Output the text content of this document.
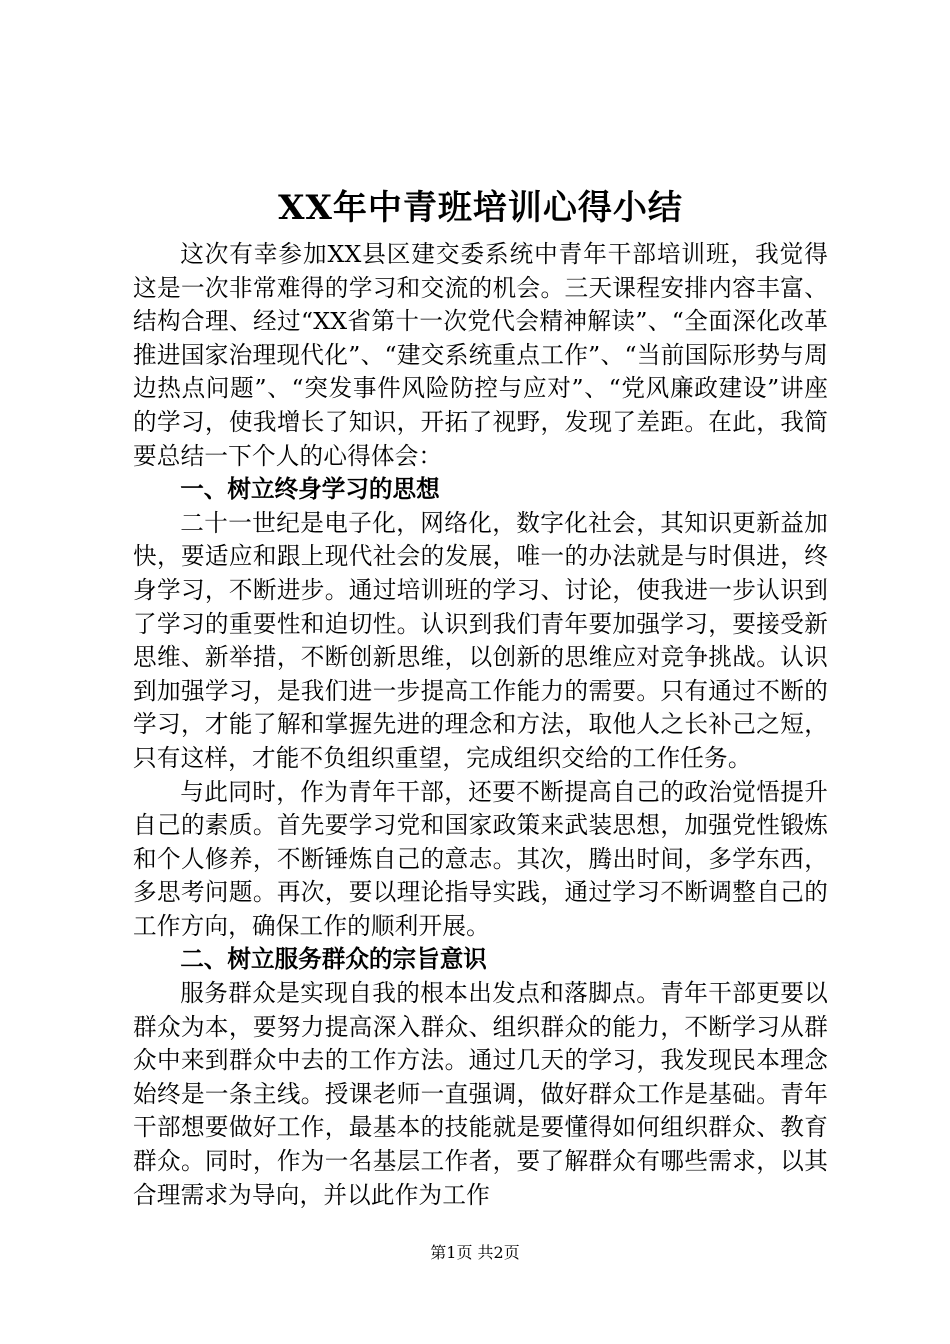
XX年中青班培训心得小结

这次有幸参加XX县区建交委系统中青年干部培训班，我觉得这是一次非常难得的学习和交流的机会。三天课程安排内容丰富、结构合理、经过“XX省第十一次党代会精神解读”、“全面深化改革推进国家治理现代化”、“建交系统重点工作”、“当前国际形势与周边热点问题”、“突发事件风险防控与应对”、“党风廉政建设”讲座的学习，使我增长了知识，开拓了视野，发现了差距。在此，我简要总结一下个人的心得体会：

一、树立终身学习的思想

二十一世纪是电子化，网络化，数字化社会，其知识更新益加快，要适应和跟上现代社会的发展，唯一的办法就是与时俱进，终身学习，不断进步。通过培训班的学习、讨论，使我进一步认识到了学习的重要性和迫切性。认识到我们青年要加强学习，要接受新思维、新举措，不断创新思维，以创新的思维应对竞争挑战。认识到加强学习，是我们进一步提高工作能力的需要。只有通过不断的学习，才能了解和掌握先进的理念和方法，取他人之长补己之短，只有这样，才能不负组织重望，完成组织交给的工作任务。

与此同时，作为青年干部，还要不断提高自己的政治觉悟提升自己的素质。首先要学习党和国家政策来武装思想，加强党性锻炼和个人修养，不断锤炼自己的意志。其次，腾出时间，多学东西，多思考问题。再次，要以理论指导实践，通过学习不断调整自己的工作方向，确保工作的顺利开展。

二、树立服务群众的宗旨意识

服务群众是实现自我的根本出发点和落脚点。青年干部更要以群众为本，要努力提高深入群众、组织群众的能力，不断学习从群众中来到群众中去的工作方法。通过几天的学习，我发现民本理念始终是一条主线。授课老师一直强调，做好群众工作是基础。青年干部想要做好工作，最基本的技能就是要懂得如何组织群众、教育群众。同时，作为一名基层工作者，要了解群众有哪些需求，以其合理需求为导向，并以此作为工作

第1页 共2页
